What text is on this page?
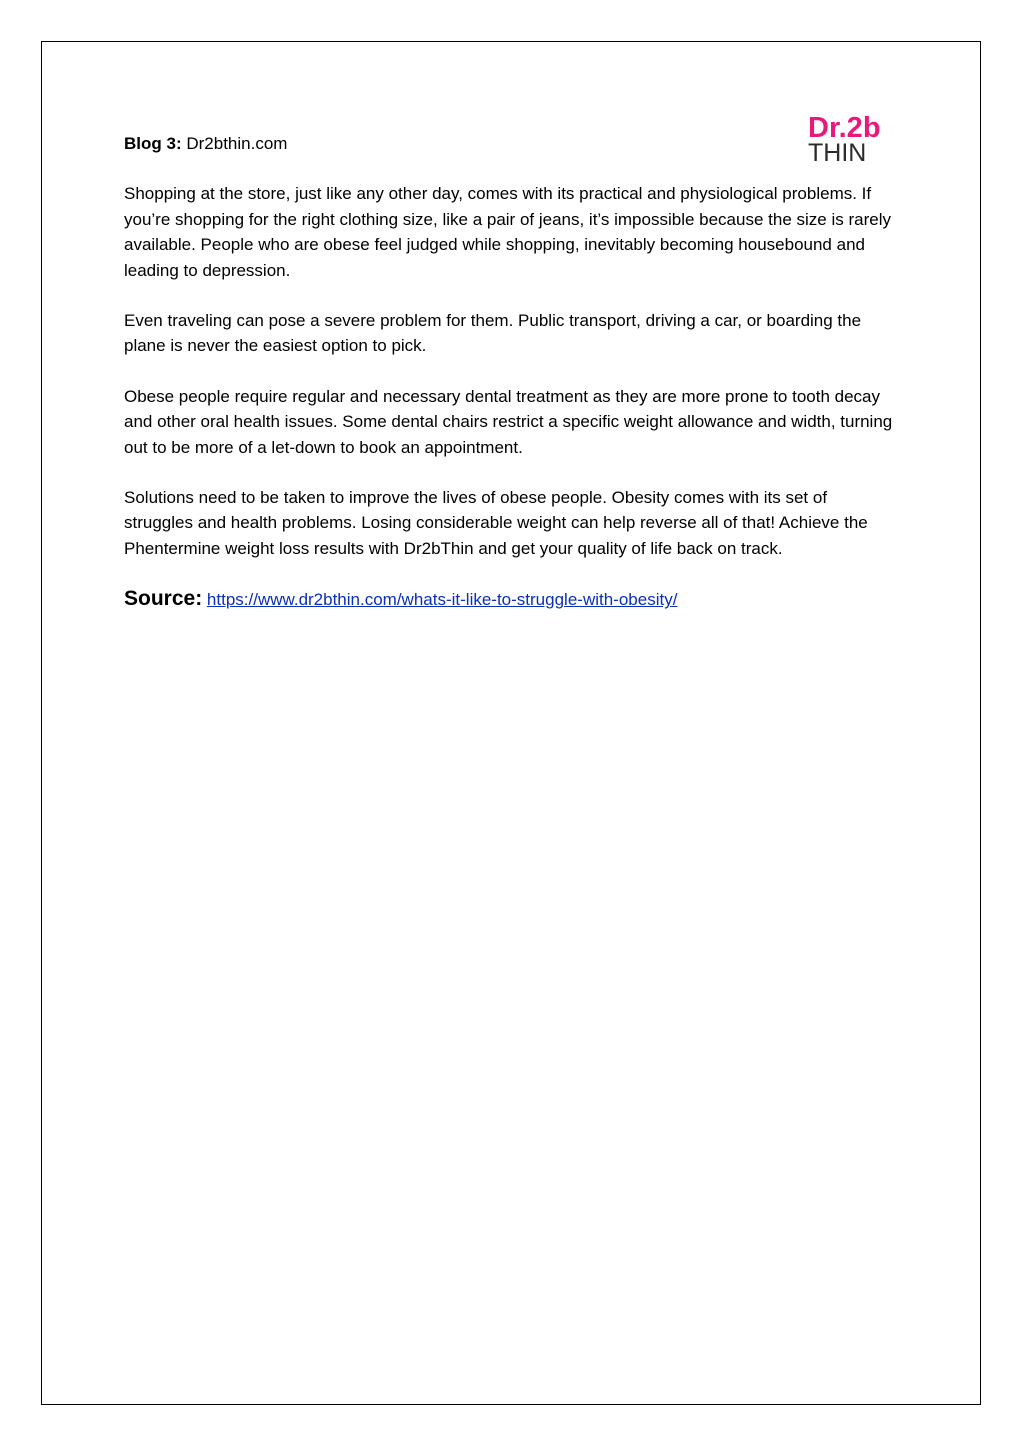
Dr.2b
THIN

Blog 3: Dr2bthin.com

Shopping at the store, just like any other day, comes with its practical and physiological problems. If you’re shopping for the right clothing size, like a pair of jeans, it’s impossible because the size is rarely available. People who are obese feel judged while shopping, inevitably becoming housebound and leading to depression.

Even traveling can pose a severe problem for them. Public transport, driving a car, or boarding the plane is never the easiest option to pick.

Obese people require regular and necessary dental treatment as they are more prone to tooth decay and other oral health issues. Some dental chairs restrict a specific weight allowance and width, turning out to be more of a let-down to book an appointment.

Solutions need to be taken to improve the lives of obese people. Obesity comes with its set of struggles and health problems. Losing considerable weight can help reverse all of that! Achieve the Phentermine weight loss results with Dr2bThin and get your quality of life back on track.

Source: https://www.dr2bthin.com/whats-it-like-to-struggle-with-obesity/
